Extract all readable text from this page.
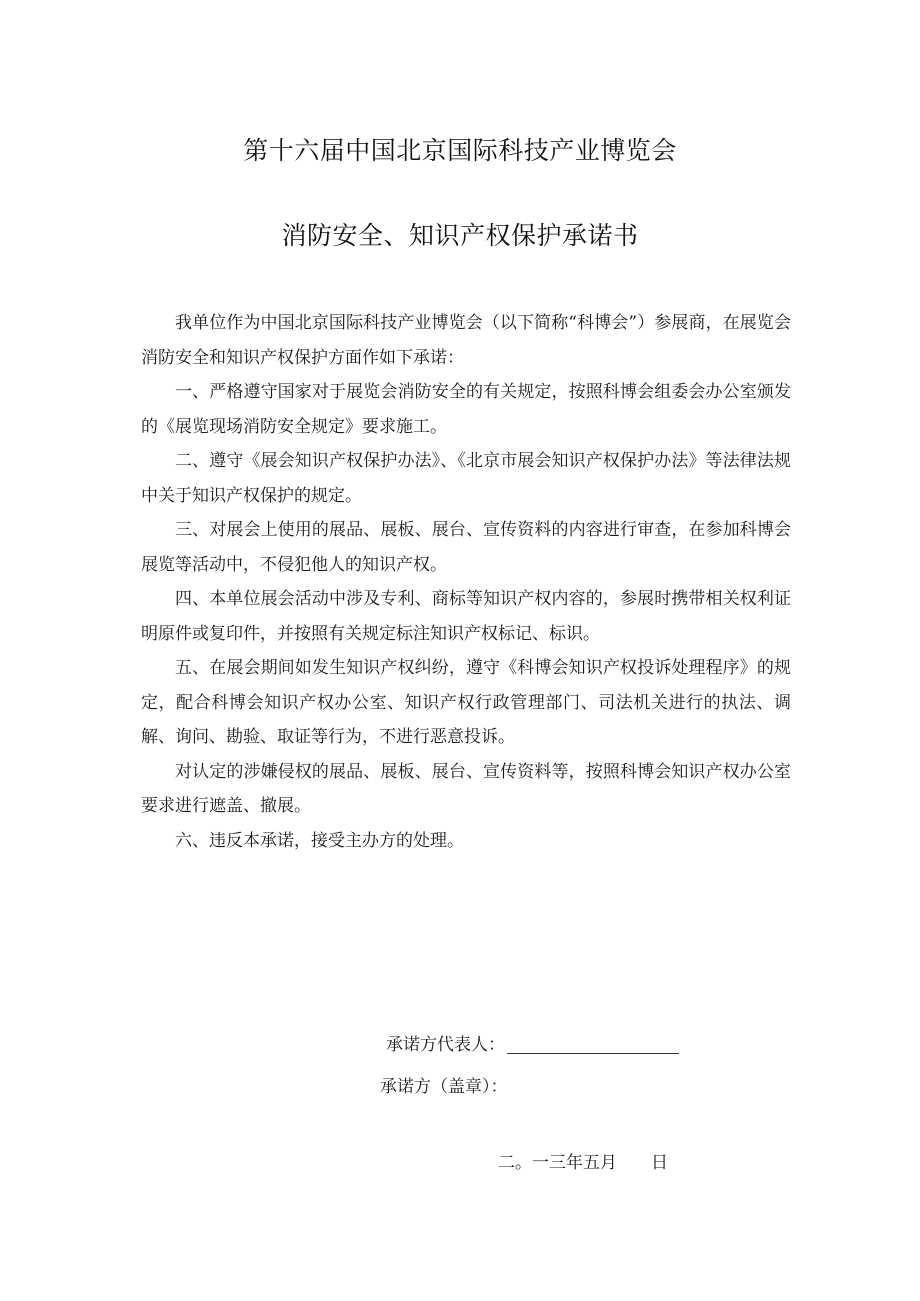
第十六届中国北京国际科技产业博览会
消防安全、知识产权保护承诺书

我单位作为中国北京国际科技产业博览会（以下简称“科博会”）参展商，在展览会消防安全和知识产权保护方面作如下承诺：

一、严格遵守国家对于展览会消防安全的有关规定，按照科博会组委会办公室颁发的《展览现场消防安全规定》要求施工。

二、遵守《展会知识产权保护办法》、《北京市展会知识产权保护办法》等法律法规中关于知识产权保护的规定。

三、对展会上使用的展品、展板、展台、宣传资料的内容进行审查，在参加科博会展览等活动中，不侵犯他人的知识产权。

四、本单位展会活动中涉及专利、商标等知识产权内容的，参展时携带相关权利证明原件或复印件，并按照有关规定标注知识产权标记、标识。

五、在展会期间如发生知识产权纠纷，遵守《科博会知识产权投诉处理程序》的规定，配合科博会知识产权办公室、知识产权行政管理部门、司法机关进行的执法、调解、询问、勘验、取证等行为，不进行恶意投诉。

对认定的涉嫌侵权的展品、展板、展台、宣传资料等，按照科博会知识产权办公室要求进行遮盖、撤展。

六、违反本承诺，接受主办方的处理。

承诺方代表人：
承诺方（盖章）：
二。一三年五月　　日
